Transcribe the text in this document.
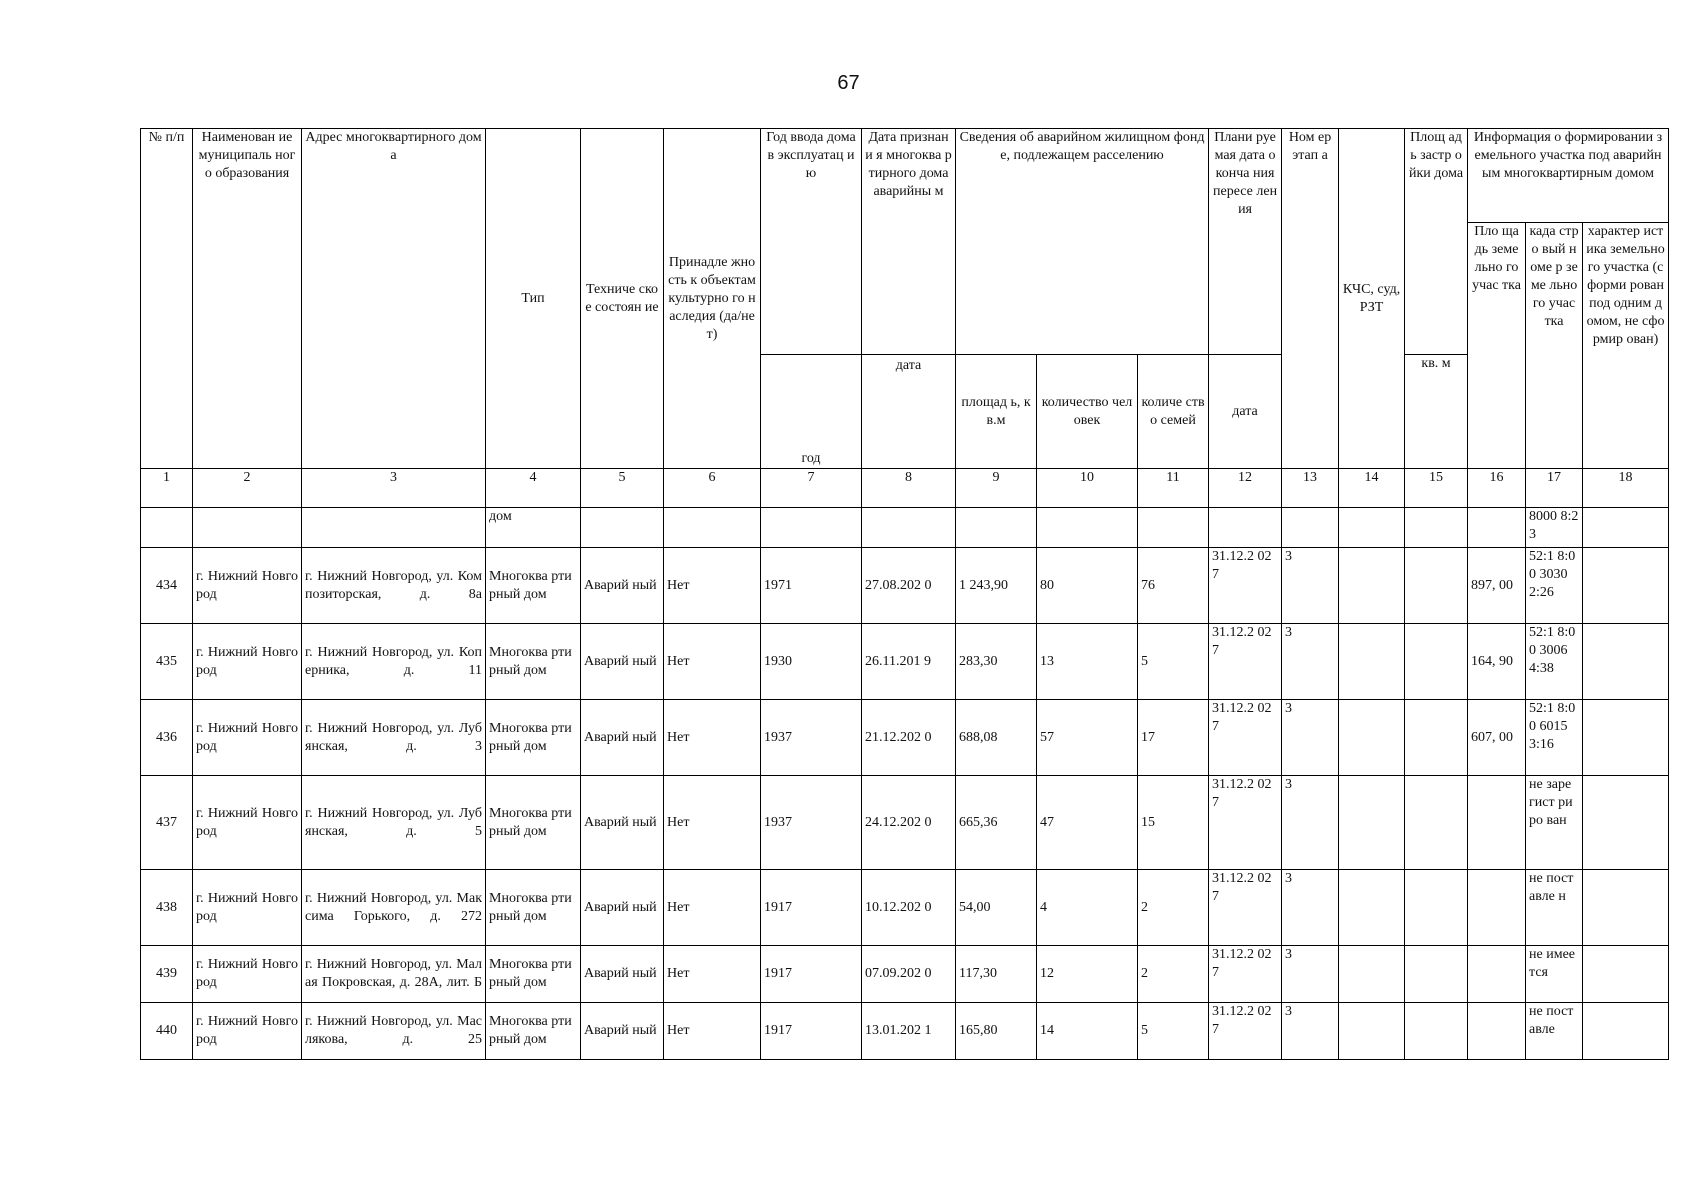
67
№ п/п	Наименован ие муниципаль ного образования	Адрес многоквартирного дома	Тип	Техниче ское состоян ие	Принадле жность к объектам культурно го наследия (да/нет)	Год ввода дома в эксплуатац ию	Дата признани я многоква ртирного дома аварийны м	Сведения об аварийном жилищном фонде, подлежащем расселению			Плани руемая дата оконча ния пересе ления	Ном ер этап а	КЧС, суд, РЗТ	Площ адь застр ойки дома	Информация о формировании земельного участка под аварийным многоквартирным домом		
															Пло щадь земе льно го учас тка	када стро вый номе р земе льно го учас тка	характер истика земельно го участка (сформи рован под одним домом, не сформир ован)
						год	дата	площад ь, кв.м	количество человек	количе ство семей	дата			кв. м			
1	2	3	4	5	6	7	8	9	10	11	12	13	14	15	16	17	18
			дом													8000 8:23	
434	г. Нижний Новгород	г. Нижний Новгород, ул. Композиторская, д. 8а	Многоква ртирный дом	Аварий ный	Нет	1971	27.08.202 0	1 243,90	80	76	31.12.2 027	3			897, 00	52:1 8:00 3030 2:26	
435	г. Нижний Новгород	г. Нижний Новгород, ул. Коперника, д. 11	Многоква ртирный дом	Аварий ный	Нет	1930	26.11.201 9	283,30	13	5	31.12.2 027	3			164, 90	52:1 8:00 3006 4:38	
436	г. Нижний Новгород	г. Нижний Новгород, ул. Лубянская, д. 3	Многоква ртирный дом	Аварий ный	Нет	1937	21.12.202 0	688,08	57	17	31.12.2 027	3			607, 00	52:1 8:00 6015 3:16	
437	г. Нижний Новгород	г. Нижний Новгород, ул. Лубянская, д. 5	Многоква ртирный дом	Аварий ный	Нет	1937	24.12.202 0	665,36	47	15	31.12.2 027	3				не заре гист риро ван	
438	г. Нижний Новгород	г. Нижний Новгород, ул. Максима Горького, д. 272	Многоква ртирный дом	Аварий ный	Нет	1917	10.12.202 0	54,00	4	2	31.12.2 027	3				не пост авле н	
439	г. Нижний Новгород	г. Нижний Новгород, ул. Малая Покровская, д. 28А, лит. Б	Многоква ртирный дом	Аварий ный	Нет	1917	07.09.202 0	117,30	12	2	31.12.2 027	3				не имее тся	
440	г. Нижний Новгород	г. Нижний Новгород, ул. Маслякова, д. 25	Многоква ртирный дом	Аварий ный	Нет	1917	13.01.202 1	165,80	14	5	31.12.2 027	3				не пост авле	
